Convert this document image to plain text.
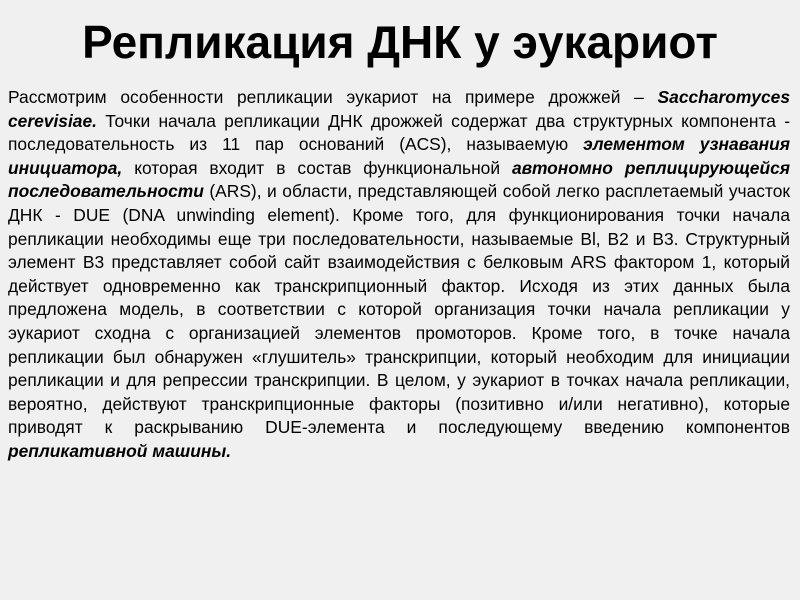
Репликация ДНК у эукариот

Рассмотрим особенности репликации эукариот на примере дрожжей – Saccharomyces cerevisiae. Точки начала репликации ДНК дрожжей содержат два структурных компонента - последовательность из 11 пар оснований (ACS), называемую элементом узнавания инициатора, которая входит в состав функциональной автономно реплицирующейся последовательности (ARS), и области, представляющей собой легко расплетаемый участок ДНК - DUE (DNA unwinding element). Кроме того, для функционирования точки начала репликации необходимы еще три последовательности, называемые Bl, B2 и B3. Структурный элемент B3 представляет собой сайт взаимодействия с белковым ARS фактором 1, который действует одновременно как транскрипционный фактор. Исходя из этих данных была предложена модель, в соответствии с которой организация точки начала репликации у эукариот сходна с организацией элементов промоторов. Кроме того, в точке начала репликации был обнаружен «глушитель» транскрипции, который необходим для инициации репликации и для репрессии транскрипции. В целом, у эукариот в точках начала репликации, вероятно, действуют транскрипционные факторы (позитивно и/или негативно), которые приводят к раскрыванию DUE-элемента и последующему введению компонентов репликативной машины.
